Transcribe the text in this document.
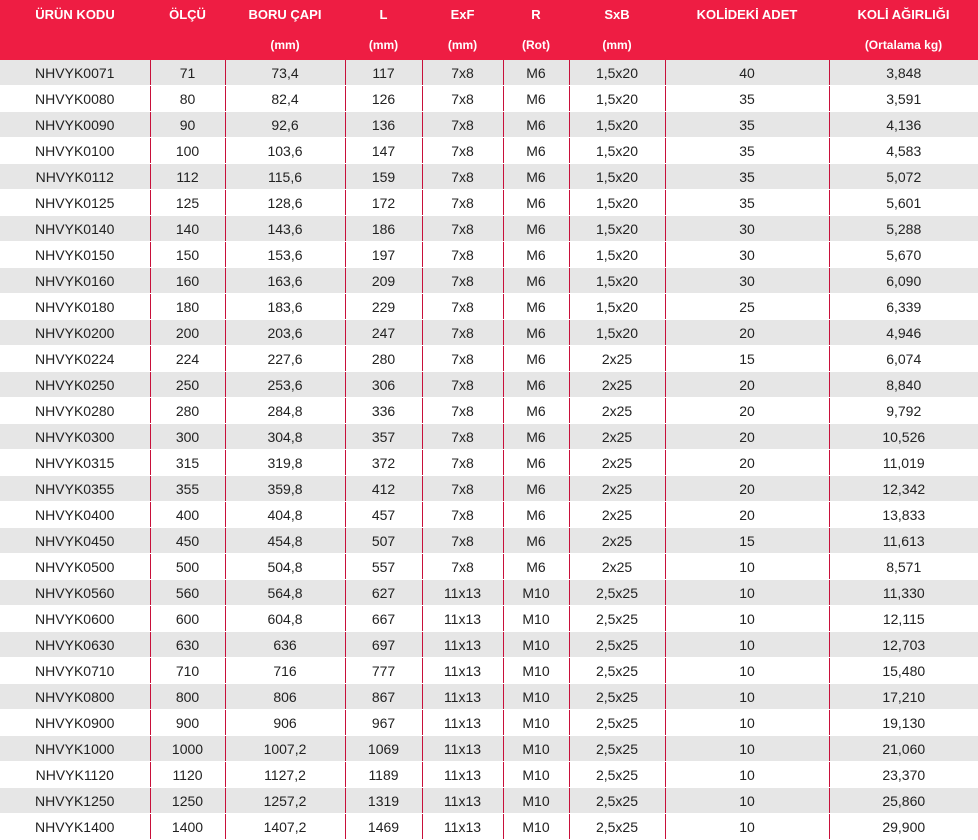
ÜRÜN KODU	ÖLÇÜ	BORU ÇAPI	L	ExF	R	SxB	KOLİDEKİ ADET	KOLİ AĞIRLIĞI
		(mm)	(mm)	(mm)	(Rot)	(mm)		(Ortalama kg)
NHVYK0071	71	73,4	117	7x8	M6	1,5x20	40	3,848
NHVYK0080	80	82,4	126	7x8	M6	1,5x20	35	3,591
NHVYK0090	90	92,6	136	7x8	M6	1,5x20	35	4,136
NHVYK0100	100	103,6	147	7x8	M6	1,5x20	35	4,583
NHVYK0112	112	115,6	159	7x8	M6	1,5x20	35	5,072
NHVYK0125	125	128,6	172	7x8	M6	1,5x20	35	5,601
NHVYK0140	140	143,6	186	7x8	M6	1,5x20	30	5,288
NHVYK0150	150	153,6	197	7x8	M6	1,5x20	30	5,670
NHVYK0160	160	163,6	209	7x8	M6	1,5x20	30	6,090
NHVYK0180	180	183,6	229	7x8	M6	1,5x20	25	6,339
NHVYK0200	200	203,6	247	7x8	M6	1,5x20	20	4,946
NHVYK0224	224	227,6	280	7x8	M6	2x25	15	6,074
NHVYK0250	250	253,6	306	7x8	M6	2x25	20	8,840
NHVYK0280	280	284,8	336	7x8	M6	2x25	20	9,792
NHVYK0300	300	304,8	357	7x8	M6	2x25	20	10,526
NHVYK0315	315	319,8	372	7x8	M6	2x25	20	11,019
NHVYK0355	355	359,8	412	7x8	M6	2x25	20	12,342
NHVYK0400	400	404,8	457	7x8	M6	2x25	20	13,833
NHVYK0450	450	454,8	507	7x8	M6	2x25	15	11,613
NHVYK0500	500	504,8	557	7x8	M6	2x25	10	8,571
NHVYK0560	560	564,8	627	11x13	M10	2,5x25	10	11,330
NHVYK0600	600	604,8	667	11x13	M10	2,5x25	10	12,115
NHVYK0630	630	636	697	11x13	M10	2,5x25	10	12,703
NHVYK0710	710	716	777	11x13	M10	2,5x25	10	15,480
NHVYK0800	800	806	867	11x13	M10	2,5x25	10	17,210
NHVYK0900	900	906	967	11x13	M10	2,5x25	10	19,130
NHVYK1000	1000	1007,2	1069	11x13	M10	2,5x25	10	21,060
NHVYK1120	1120	1127,2	1189	11x13	M10	2,5x25	10	23,370
NHVYK1250	1250	1257,2	1319	11x13	M10	2,5x25	10	25,860
NHVYK1400	1400	1407,2	1469	11x13	M10	2,5x25	10	29,900
